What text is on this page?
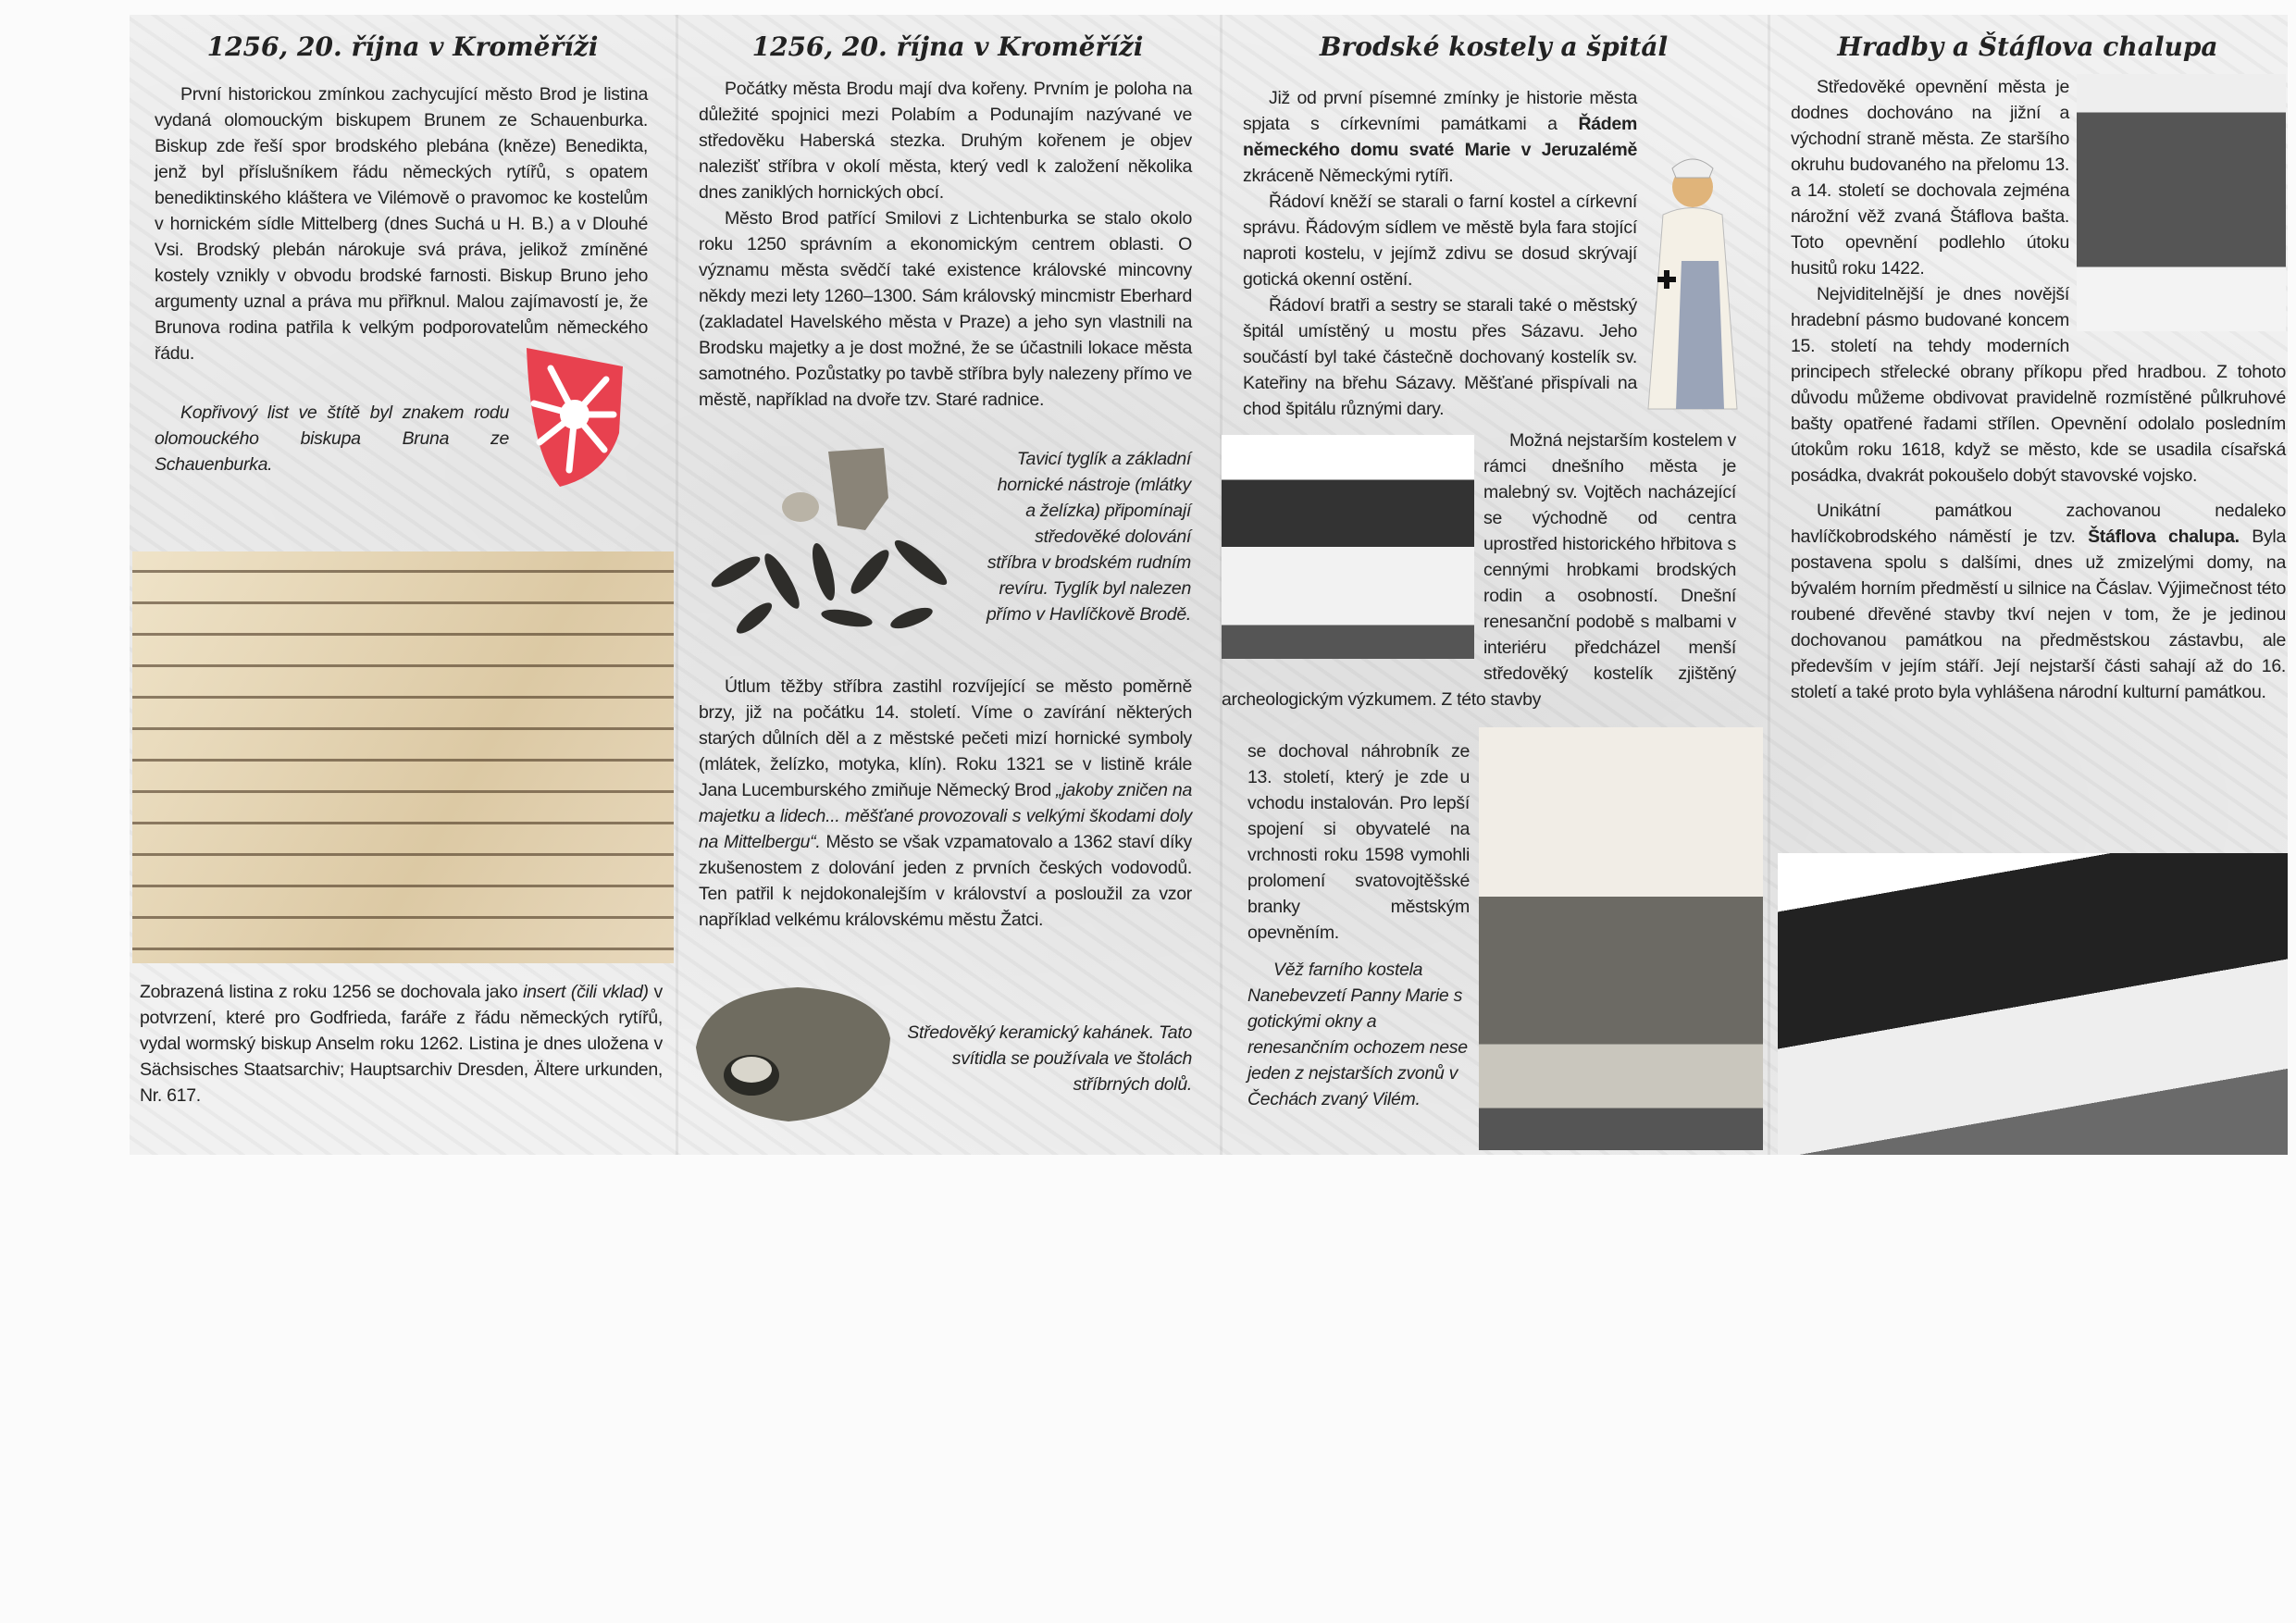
1256, 20. října v Kroměříži

První historickou zmínkou zachycující město Brod je listina vydaná olomouckým biskupem Brunem ze Schauenburka. Biskup zde řeší spor brodského plebána (kněze) Benedikta, jenž byl příslušníkem řádu německých rytířů, s opatem benediktinského kláštera ve Vilémově o pravomoc ke kostelům v hornickém sídle Mittelberg (dnes Suchá u H. B.) a v Dlouhé Vsi. Brodský plebán nárokuje svá práva, jelikož zmíněné kostely vznikly v obvodu brodské farnosti. Biskup Bruno jeho argumenty uznal a práva mu přiřknul. Malou zajímavostí je, že Brunova rodina patřila k velkým podporovatelům německého řádu.

Kopřivový list ve štítě byl znakem rodu olomouckého biskupa Bruna ze Schauenburka.

Zobrazená listina z roku 1256 se dochovala jako insert (čili vklad) v potvrzení, které pro Godfrieda, faráře z řádu německých rytířů, vydal wormský biskup Anselm roku 1262. Listina je dnes uložena v Sächsisches Staatsarchiv; Hauptsarchiv Dresden, Ältere urkunden, Nr. 617.

1256, 20. října v Kroměříži

Počátky města Brodu mají dva kořeny. Prvním je poloha na důležité spojnici mezi Polabím a Podunajím nazývané ve středověku Haberská stezka. Druhým kořenem je objev nalezišť stříbra v okolí města, který vedl k založení několika dnes zaniklých hornických obcí.

Město Brod patřící Smilovi z Lichtenburka se stalo okolo roku 1250 správním a ekonomickým centrem oblasti. O významu města svědčí také existence královské mincovny někdy mezi lety 1260–1300. Sám královský mincmistr Eberhard (zakladatel Havelského města v Praze) a jeho syn vlastnili na Brodsku majetky a je dost možné, že se účastnili lokace města samotného. Pozůstatky po tavbě stříbra byly nalezeny přímo ve městě, například na dvoře tzv. Staré radnice.

Tavicí tyglík a základní hornické nástroje (mlátky a želízka) připomínají středověké dolování stříbra v brodském rudním revíru. Tyglík byl nalezen přímo v Havlíčkově Brodě.

Útlum těžby stříbra zastihl rozvíjející se město poměrně brzy, již na počátku 14. století. Víme o zavírání některých starých důlních děl a z městské pečeti mizí hornické symboly (mlátek, želízko, motyka, klín). Roku 1321 se v listině krále Jana Lucemburského zmiňuje Německý Brod „jakoby zničen na majetku a lidech... měšťané provozovali s velkými škodami doly na Mittelbergu“. Město se však vzpamatovalo a 1362 staví díky zkušenostem z dolování jeden z prvních českých vodovodů. Ten patřil k nejdokonalejším v království a posloužil za vzor například velkému královskému městu Žatci.

Středověký keramický kahánek. Tato svítidla se používala ve štolách stříbrných dolů.

Brodské kostely a špitál

Již od první písemné zmínky je historie města spjata s církevními památkami a Řádem německého domu svaté Marie v Jeruzalémě zkráceně Německými rytíři.

Řádoví kněží se starali o farní kostel a církevní správu. Řádovým sídlem ve městě byla fara stojící naproti kostelu, v jejímž zdivu se dosud skrývají gotická okenní ostění.

Řádoví bratři a sestry se starali také o městský špitál umístěný u mostu přes Sázavu. Jeho součástí byl také částečně dochovaný kostelík sv. Kateřiny na břehu Sázavy. Měšťané přispívali na chod špitálu různými dary.

Možná nejstarším kostelem v rámci dnešního města je malebný sv. Vojtěch nacházející se východně od centra uprostřed historického hřbitova s cennými hrobkami brodských rodin a osobností. Dnešní renesanční podobě s malbami v interiéru předcházel menší středověký kostelík zjištěný archeologickým výzkumem. Z této stavby

se dochoval náhrobník ze 13. století, který je zde u vchodu instalován. Pro lepší spojení si obyvatelé na vrchnosti roku 1598 vymohli prolomení svatovojtěšské branky městským opevněním.

Věž farního kostela Nanebevzetí Panny Marie s gotickými okny a renesančním ochozem nese jeden z nejstarších zvonů v Čechách zvaný Vilém.

Hradby a Štáflova chalupa

Středověké opevnění města je dodnes dochováno na jižní a východní straně města. Ze staršího okruhu budovaného na přelomu 13. a 14. století se dochovala zejména nárožní věž zvaná Štáflova bašta. Toto opevnění podlehlo útoku husitů roku 1422.

Nejviditelnější je dnes novější hradební pásmo budované koncem 15. století na tehdy moderních principech střelecké obrany příkopu před hradbou. Z tohoto důvodu můžeme obdivovat pravidelně rozmístěné půlkruhové bašty opatřené řadami střílen. Opevnění odolalo posledním útokům roku 1618, když se město, kde se usadila císařská posádka, dvakrát pokoušelo dobýt stavovské vojsko.

Unikátní památkou zachovanou nedaleko havlíčkobrodského náměstí je tzv. Štáflova chalupa. Byla postavena spolu s dalšími, dnes už zmizelými domy, na bývalém horním předměstí u silnice na Čáslav. Výjimečnost této roubené dřevěné stavby tkví nejen v tom, že je jedinou dochovanou památkou na předměstskou zástavbu, ale především v jejím stáří. Její nejstarší části sahají až do 16. století a také proto byla vyhlášena národní kulturní památkou.
